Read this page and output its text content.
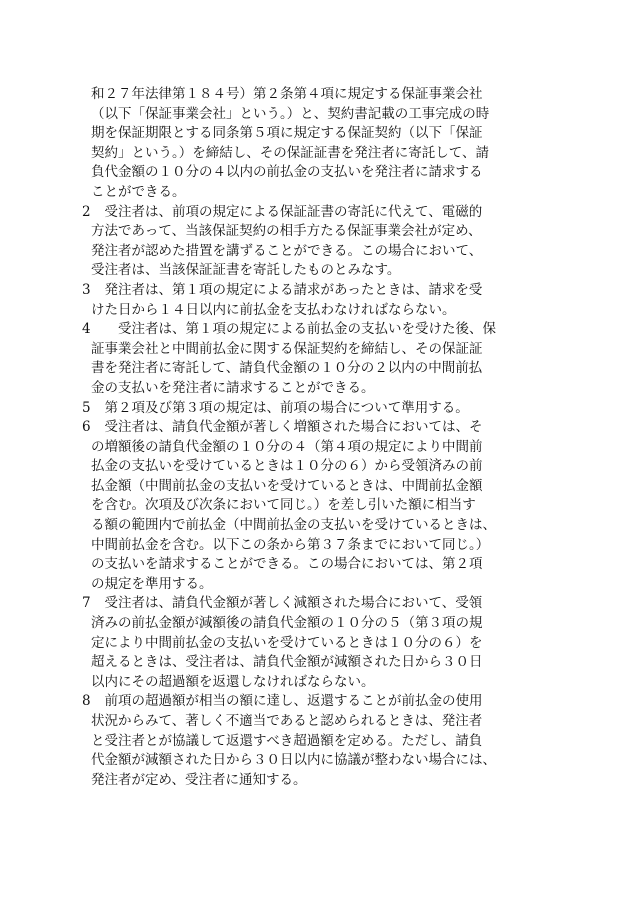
和２７年法律第１８４号）第２条第４項に規定する保証事業会社
（以下「保証事業会社」という。）と、契約書記載の工事完成の時
期を保証期限とする同条第５項に規定する保証契約（以下「保証
契約」という。）を締結し、その保証証書を発注者に寄託して、請
負代金額の１０分の４以内の前払金の支払いを発注者に請求する
ことができる。
2 　受注者は、前項の規定による保証証書の寄託に代えて、電磁的
方法であって、当該保証契約の相手方たる保証事業会社が定め、
発注者が認めた措置を講ずることができる。この場合において、
受注者は、当該保証証書を寄託したものとみなす。
3 　発注者は、第１項の規定による請求があったときは、請求を受
けた日から１４日以内に前払金を支払わなければならない。
4 　　受注者は、第１項の規定による前払金の支払いを受けた後、保
証事業会社と中間前払金に関する保証契約を締結し、その保証証
書を発注者に寄託して、請負代金額の１０分の２以内の中間前払
金の支払いを発注者に請求することができる。
5 　第２項及び第３項の規定は、前項の場合について準用する。
6 　受注者は、請負代金額が著しく増額された場合においては、そ
の増額後の請負代金額の１０分の４（第４項の規定により中間前
払金の支払いを受けているときは１０分の６）から受領済みの前
払金額（中間前払金の支払いを受けているときは、中間前払金額
を含む。次項及び次条において同じ。）を差し引いた額に相当す
る額の範囲内で前払金（中間前払金の支払いを受けているときは、
中間前払金を含む。以下この条から第３７条までにおいて同じ。）
の支払いを請求することができる。この場合においては、第２項
の規定を準用する。
7 　受注者は、請負代金額が著しく減額された場合において、受領
済みの前払金額が減額後の請負代金額の１０分の５（第３項の規
定により中間前払金の支払いを受けているときは１０分の６）を
超えるときは、受注者は、請負代金額が減額された日から３０日
以内にその超過額を返還しなければならない。
8 　前項の超過額が相当の額に達し、返還することが前払金の使用
状況からみて、著しく不適当であると認められるときは、発注者
と受注者とが協議して返還すべき超過額を定める。ただし、請負
代金額が減額された日から３０日以内に協議が整わない場合には、
発注者が定め、受注者に通知する。
